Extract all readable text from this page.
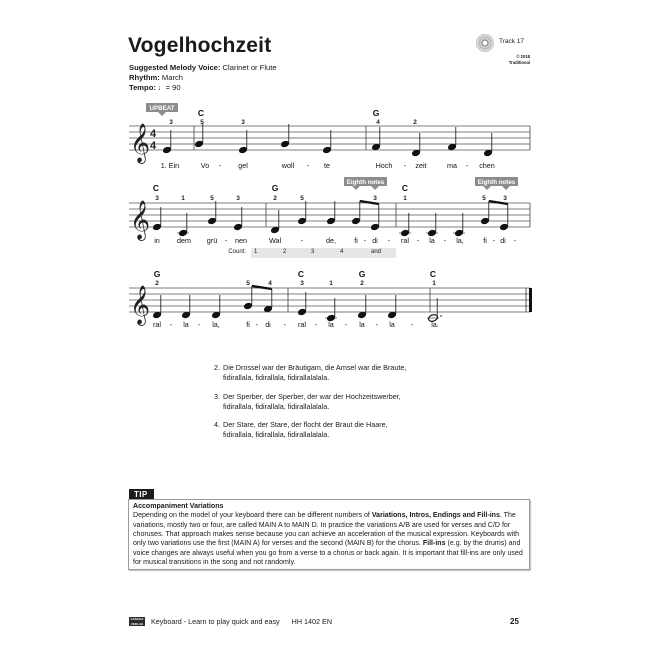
Vogelhochzeit
Suggested Melody Voice: Clarinet or Flute
Rhythm: March
Tempo: ♩= 90
Track 17
© 2018
Traditional
𝄞 4
4
C	G
3	5	3	4	2
1. Ein	Vo - gel	woll - te	Hoch - zeit	ma - chen
𝄞
C	G	C
3	1	5	3	2	5	3	1	5	3
in dem grü - nen	Wal	-	de,	fi - di - ral - la - la,	fi - di -
𝄞
G	C	G	C
2	5	4	3	1	2	1
ral - la - la,	fi - di - ral - la - la - la -	la.
UPBEAT
Eighth notes	Eighth notes
Count: 1	2	3	4	and
2. Die Drossel war der Bräutigam, die Amsel war die Braute,
fidirallala, fidirallala, fidirallalalala.
3. Der Sperber, der Sperber, der war der Hochzeitswerber,
fidirallala, fidirallala, fidirallalalala.
4. Der Stare, der Stare, der flocht der Braut die Haare,
fidirallala, fidirallala, fidirallalalala.
TIP
Accompaniment Variations
Depending on the model of your keyboard there can be different numbers of Variations, Intros, Endings and Fill-ins. The variations, mostly two or four, are called MAIN A to MAIN D. In practice the variations A/B are used for verses and C/D for choruses. That approach makes sense because you can achieve an acceleration of the musical expression. Keyboards with only two variations use the first (MAIN A) for verses and the second (MAIN B) for the chorus. Fill-ins (e.g. by the drums) and voice changes are always useful when you go from a verse to a chorus or back again. It is important that fill-ins are only used for musical transitions in the song and not randomly.
CASCHA
VERLAG Keyboard - Learn to play quick and easy HH 1402 EN	25
